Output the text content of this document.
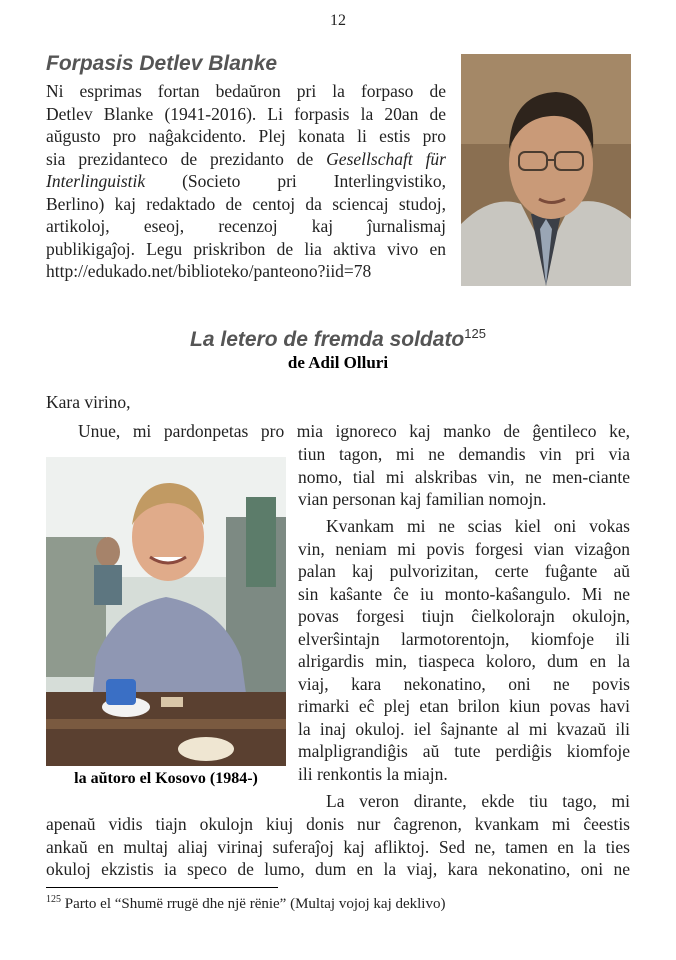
12
Forpasis Detlev Blanke
Ni esprimas fortan bedaŭron pri la forpaso de
Detlev Blanke (1941-2016). Li forpasis la 20an de
aŭgusto pro naĝakcidento. Plej konata li estis pro
sia prezidanteco de prezidanto de Gesellschaft für
Interlinguistik (Societo pri Interlingvistiko,
Berlino) kaj redaktado de centoj da sciencaj studoj,
artikoloj, eseoj, recenzoj kaj ĵurnalismaj
publikigaĵoj. Legu priskribon de lia aktiva vivo en
http://edukado.net/biblioteko/panteono?iid=78
La letero de fremda soldato$^{125}$
de Adil Olluri
Kara virino,
Unue, mi pardonpetas pro mia ignoreco kaj manko de ĝentileco ke,
tiun tagon, mi ne demandis vin pri via
nomo, tial mi alskribas vin, ne men-ciante
vian personan kaj familian nomojn.
Kvankam mi ne scias kiel oni vokas
vin, neniam mi povis forgesi vian vizaĝon
palan kaj pulvorizitan, certe fuĝante aŭ
sin kaŝante ĉe iu monto-kaŝangulo. Mi ne
povas forgesi tiujn ĉielkolorajn okulojn,
elverŝintajn larmotorentojn, kiomfoje ili
alrigardis min, tiaspeca koloro, dum en la
viaj, kara nekonatino, oni ne povis
rimarki eĉ plej etan brilon kiun povas havi
la inaj okuloj. iel ŝajnante al mi kvazaŭ ili
malpligrandiĝis aŭ tute perdiĝis kiomfoje
ili renkontis la miajn.
la aŭtoro el Kosovo (1984-)
La veron dirante, ekde tiu tago, mi
apenaŭ vidis tiajn okulojn kiuj donis nur ĉagrenon, kvankam mi ĉeestis
ankaŭ en multaj aliaj virinaj suferaĵoj kaj afliktoj. Sed ne, tamen en la ties
okuloj ekzistis ia speco de lumo, dum en la viaj, kara nekonatino, oni ne
$^{125}$ Parto el “Shumë rrugë dhe një rënie” (Multaj vojoj kaj deklivo)
